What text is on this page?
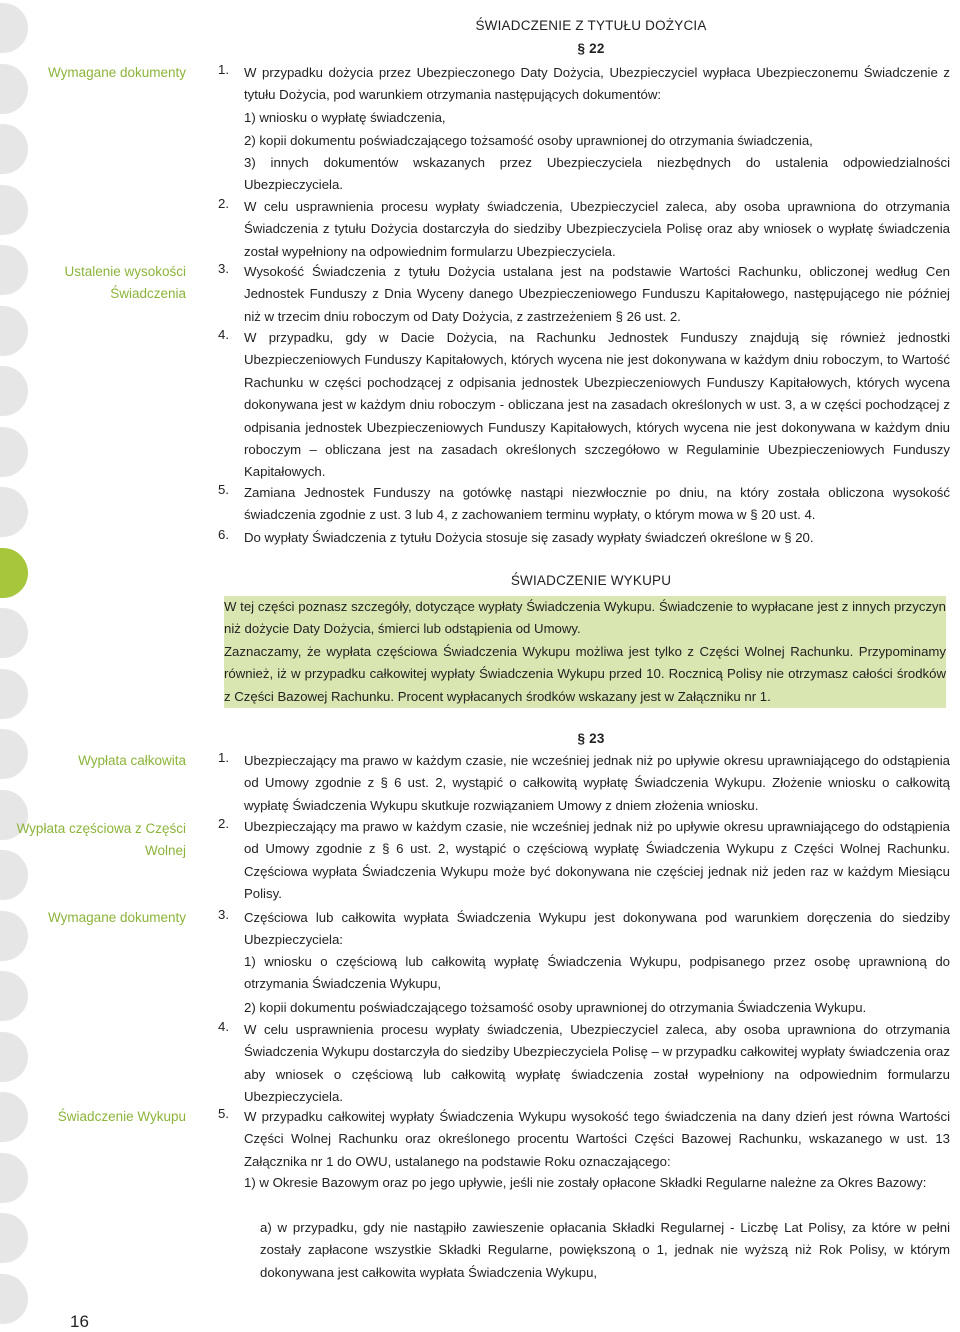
Wymagane dokumenty
Ustalenie wysokości Świadczenia
Wypłata całkowita
Wypłata częściowa z Części Wolnej
Wymagane dokumenty
Świadczenie Wykupu
ŚWIADCZENIE Z TYTUŁU DOŻYCIA
§ 22
1. W przypadku dożycia przez Ubezpieczonego Daty Dożycia, Ubezpieczyciel wypłaca Ubezpieczonemu Świadczenie z tytułu Dożycia, pod warunkiem otrzymania następujących dokumentów:
1) wniosku o wypłatę świadczenia,
2) kopii dokumentu poświadczającego tożsamość osoby uprawnionej do otrzymania świadczenia,
3) innych dokumentów wskazanych przez Ubezpieczyciela niezbędnych do ustalenia odpowiedzialności Ubezpieczyciela.
2. W celu usprawnienia procesu wypłaty świadczenia, Ubezpieczyciel zaleca, aby osoba uprawniona do otrzymania Świadczenia z tytułu Dożycia dostarczyła do siedziby Ubezpieczyciela Polisę oraz aby wniosek o wypłatę świadczenia został wypełniony na odpowiednim formularzu Ubezpieczyciela.
3. Wysokość Świadczenia z tytułu Dożycia ustalana jest na podstawie Wartości Rachunku, obliczonej według Cen Jednostek Funduszy z Dnia Wyceny danego Ubezpieczeniowego Funduszu Kapitałowego, następującego nie później niż w trzecim dniu roboczym od Daty Dożycia, z zastrzeżeniem § 26 ust. 2.
4. W przypadku, gdy w Dacie Dożycia, na Rachunku Jednostek Funduszy znajdują się również jednostki Ubezpieczeniowych Funduszy Kapitałowych, których wycena nie jest dokonywana w każdym dniu roboczym, to Wartość Rachunku w części pochodzącej z odpisania jednostek Ubezpieczeniowych Funduszy Kapitałowych, których wycena dokonywana jest w każdym dniu roboczym - obliczana jest na zasadach określonych w ust. 3, a w części pochodzącej z odpisania jednostek Ubezpieczeniowych Funduszy Kapitałowych, których wycena nie jest dokonywana w każdym dniu roboczym – obliczana jest na zasadach określonych szczegółowo w Regulaminie Ubezpieczeniowych Funduszy Kapitałowych.
5. Zamiana Jednostek Funduszy na gotówkę nastąpi niezwłocznie po dniu, na który została obliczona wysokość świadczenia zgodnie z ust. 3 lub 4, z zachowaniem terminu wypłaty, o którym mowa w § 20 ust. 4.
6. Do wypłaty Świadczenia z tytułu Dożycia stosuje się zasady wypłaty świadczeń określone w § 20.
ŚWIADCZENIE WYKUPU
W tej części poznasz szczegóły, dotyczące wypłaty Świadczenia Wykupu. Świadczenie to wypłacane jest z innych przyczyn niż dożycie Daty Dożycia, śmierci lub odstąpienia od Umowy.
Zaznaczamy, że wypłata częściowa Świadczenia Wykupu możliwa jest tylko z Części Wolnej Rachunku. Przypominamy również, iż w przypadku całkowitej wypłaty Świadczenia Wykupu przed 10. Rocznicą Polisy nie otrzymasz całości środków z Części Bazowej Rachunku. Procent wypłacanych środków wskazany jest w Załączniku nr 1.
§ 23
1. Ubezpieczający ma prawo w każdym czasie, nie wcześniej jednak niż po upływie okresu uprawniającego do odstąpienia od Umowy zgodnie z § 6 ust. 2, wystąpić o całkowitą wypłatę Świadczenia Wykupu. Złożenie wniosku o całkowitą wypłatę Świadczenia Wykupu skutkuje rozwiązaniem Umowy z dniem złożenia wniosku.
2. Ubezpieczający ma prawo w każdym czasie, nie wcześniej jednak niż po upływie okresu uprawniającego do odstąpienia od Umowy zgodnie z § 6 ust. 2, wystąpić o częściową wypłatę Świadczenia Wykupu z Części Wolnej Rachunku. Częściowa wypłata Świadczenia Wykupu może być dokonywana nie częściej jednak niż jeden raz w każdym Miesiącu Polisy.
3. Częściowa lub całkowita wypłata Świadczenia Wykupu jest dokonywana pod warunkiem doręczenia do siedziby Ubezpieczyciela:
1) wniosku o częściową lub całkowitą wypłatę Świadczenia Wykupu, podpisanego przez osobę uprawnioną do otrzymania Świadczenia Wykupu,
2) kopii dokumentu poświadczającego tożsamość osoby uprawnionej do otrzymania Świadczenia Wykupu.
4. W celu usprawnienia procesu wypłaty świadczenia, Ubezpieczyciel zaleca, aby osoba uprawniona do otrzymania Świadczenia Wykupu dostarczyła do siedziby Ubezpieczyciela Polisę – w przypadku całkowitej wypłaty świadczenia oraz aby wniosek o częściową lub całkowitą wypłatę świadczenia został wypełniony na odpowiednim formularzu Ubezpieczyciela.
5. W przypadku całkowitej wypłaty Świadczenia Wykupu wysokość tego świadczenia na dany dzień jest równa Wartości Części Wolnej Rachunku oraz określonego procentu Wartości Części Bazowej Rachunku, wskazanego w ust. 13 Załącznika nr 1 do OWU, ustalanego na podstawie Roku oznaczającego:
1) w Okresie Bazowym oraz po jego upływie, jeśli nie zostały opłacone Składki Regularne należne za Okres Bazowy:
a) w przypadku, gdy nie nastąpiło zawieszenie opłacania Składki Regularnej - Liczbę Lat Polisy, za które w pełni zostały zapłacone wszystkie Składki Regularne, powiększoną o 1, jednak nie wyższą niż Rok Polisy, w którym dokonywana jest całkowita wypłata Świadczenia Wykupu,
16
